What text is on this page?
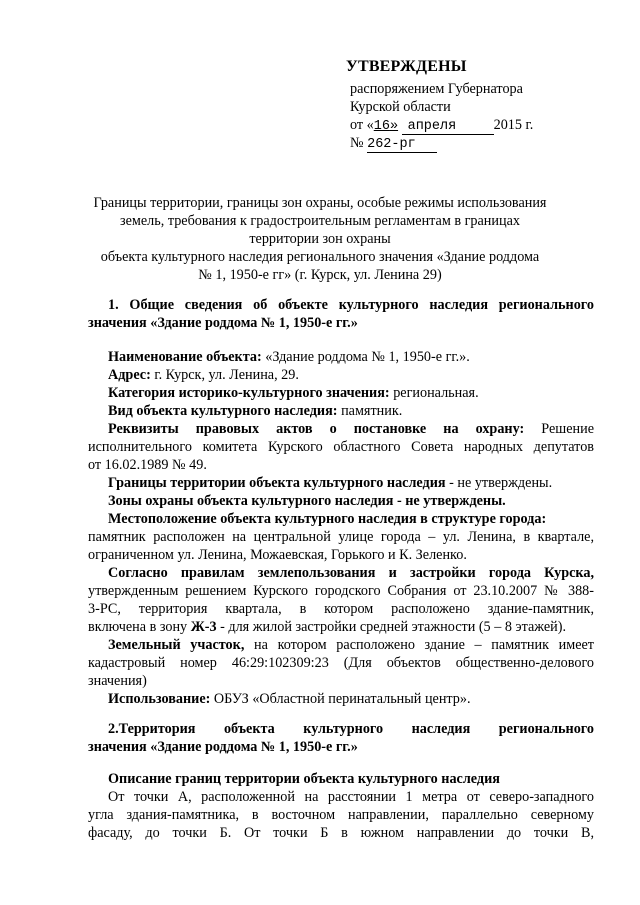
УТВЕРЖДЕНЫ
распоряжением Губернатора
Курской области
от «16» апреля	2015 г.
№ 262-рг
Границы территории, границы зон охраны, особые режимы использования
земель, требования к градостроительным регламентам в границах
территории зон охраны
объекта культурного наследия регионального значения «Здание роддома
№ 1, 1950-е гг» (г. Курск, ул. Ленина 29)
1. Общие сведения об объекте культурного наследия регионального
значения «Здание роддома № 1, 1950-е гг.»
Наименование объекта: «Здание роддома № 1, 1950-е гг.».
Адрес: г. Курск, ул. Ленина, 29.
Категория историко-культурного значения: региональная.
Вид объекта культурного наследия: памятник.
Реквизиты правовых актов о постановке на охрану: Решение
исполнительного комитета Курского областного Совета народных депутатов
от 16.02.1989 № 49.
Границы территории объекта культурного наследия - не утверждены.
Зоны охраны объекта культурного наследия - не утверждены.
Местоположение объекта культурного наследия в структуре города:
памятник расположен на центральной улице города – ул. Ленина, в квартале,
ограниченном ул. Ленина, Можаевская, Горького и К. Зеленко.
Согласно правилам землепользования и застройки города Курска,
утвержденным решением Курского городского Собрания от 23.10.2007 № 388-
3-РС, территория квартала, в котором расположено здание-памятник,
включена в зону Ж-3 - для жилой застройки средней этажности (5 – 8 этажей).
Земельный участок, на котором расположено здание – памятник имеет
кадастровый номер 46:29:102309:23 (Для объектов общественно-делового
значения)
Использование: ОБУЗ «Областной перинатальный центр».
2.Территория объекта культурного наследия регионального
значения «Здание роддома № 1, 1950-е гг.»
Описание границ территории объекта культурного наследия
От точки А, расположенной на расстоянии 1 метра от северо-западного
угла здания-памятника, в восточном направлении, параллельно северному
фасаду, до точки Б. От точки Б в южном направлении до точки В,
